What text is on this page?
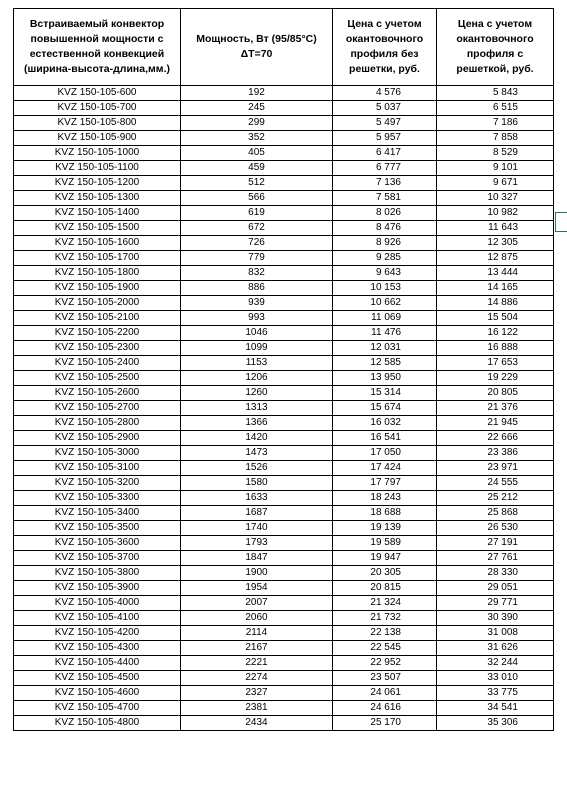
Встраиваемый конвектор повышенной мощности с естественной конвекцией (ширина-высота-длина,мм.)	Мощность, Вт (95/85°С) ΔT=70	Цена с учетом окантовочного профиля без решетки, руб.	Цена с учетом окантовочного профиля с решеткой, руб.
KVZ 150-105-600	192	4 576	5 843
KVZ 150-105-700	245	5 037	6 515
KVZ 150-105-800	299	5 497	7 186
KVZ 150-105-900	352	5 957	7 858
KVZ 150-105-1000	405	6 417	8 529
KVZ 150-105-1100	459	6 777	9 101
KVZ 150-105-1200	512	7 136	9 671
KVZ 150-105-1300	566	7 581	10 327
KVZ 150-105-1400	619	8 026	10 982
KVZ 150-105-1500	672	8 476	11 643
KVZ 150-105-1600	726	8 926	12 305
KVZ 150-105-1700	779	9 285	12 875
KVZ 150-105-1800	832	9 643	13 444
KVZ 150-105-1900	886	10 153	14 165
KVZ 150-105-2000	939	10 662	14 886
KVZ 150-105-2100	993	11 069	15 504
KVZ 150-105-2200	1046	11 476	16 122
KVZ 150-105-2300	1099	12 031	16 888
KVZ 150-105-2400	1153	12 585	17 653
KVZ 150-105-2500	1206	13 950	19 229
KVZ 150-105-2600	1260	15 314	20 805
KVZ 150-105-2700	1313	15 674	21 376
KVZ 150-105-2800	1366	16 032	21 945
KVZ 150-105-2900	1420	16 541	22 666
KVZ 150-105-3000	1473	17 050	23 386
KVZ 150-105-3100	1526	17 424	23 971
KVZ 150-105-3200	1580	17 797	24 555
KVZ 150-105-3300	1633	18 243	25 212
KVZ 150-105-3400	1687	18 688	25 868
KVZ 150-105-3500	1740	19 139	26 530
KVZ 150-105-3600	1793	19 589	27 191
KVZ 150-105-3700	1847	19 947	27 761
KVZ 150-105-3800	1900	20 305	28 330
KVZ 150-105-3900	1954	20 815	29 051
KVZ 150-105-4000	2007	21 324	29 771
KVZ 150-105-4100	2060	21 732	30 390
KVZ 150-105-4200	2114	22 138	31 008
KVZ 150-105-4300	2167	22 545	31 626
KVZ 150-105-4400	2221	22 952	32 244
KVZ 150-105-4500	2274	23 507	33 010
KVZ 150-105-4600	2327	24 061	33 775
KVZ 150-105-4700	2381	24 616	34 541
KVZ 150-105-4800	2434	25 170	35 306
